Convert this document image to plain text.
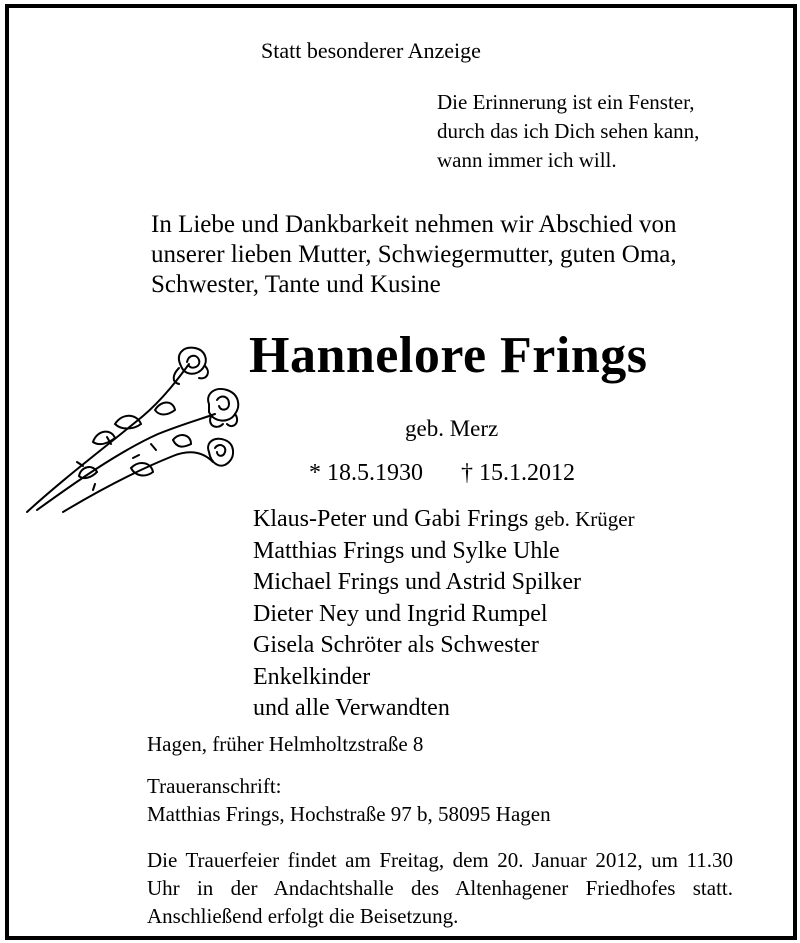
Statt besonderer Anzeige
Die Erinnerung ist ein Fenster,
durch das ich Dich sehen kann,
wann immer ich will.
In Liebe und Dankbarkeit nehmen wir Abschied von
unserer lieben Mutter, Schwiegermutter, guten Oma,
Schwester, Tante und Kusine
Hannelore Frings
geb. Merz
* 18.5.1930 † 15.1.2012
Klaus-Peter und Gabi Frings geb. Krüger
Matthias Frings und Sylke Uhle
Michael Frings und Astrid Spilker
Dieter Ney und Ingrid Rumpel
Gisela Schröter als Schwester
Enkelkinder
und alle Verwandten
Hagen, früher Helmholtzstraße 8
Traueranschrift:
Matthias Frings, Hochstraße 97 b, 58095 Hagen
Die Trauerfeier findet am Freitag, dem 20. Januar 2012, um 11.30 Uhr in der Andachtshalle des Altenhagener Friedhofes statt. Anschließend erfolgt die Beisetzung.
